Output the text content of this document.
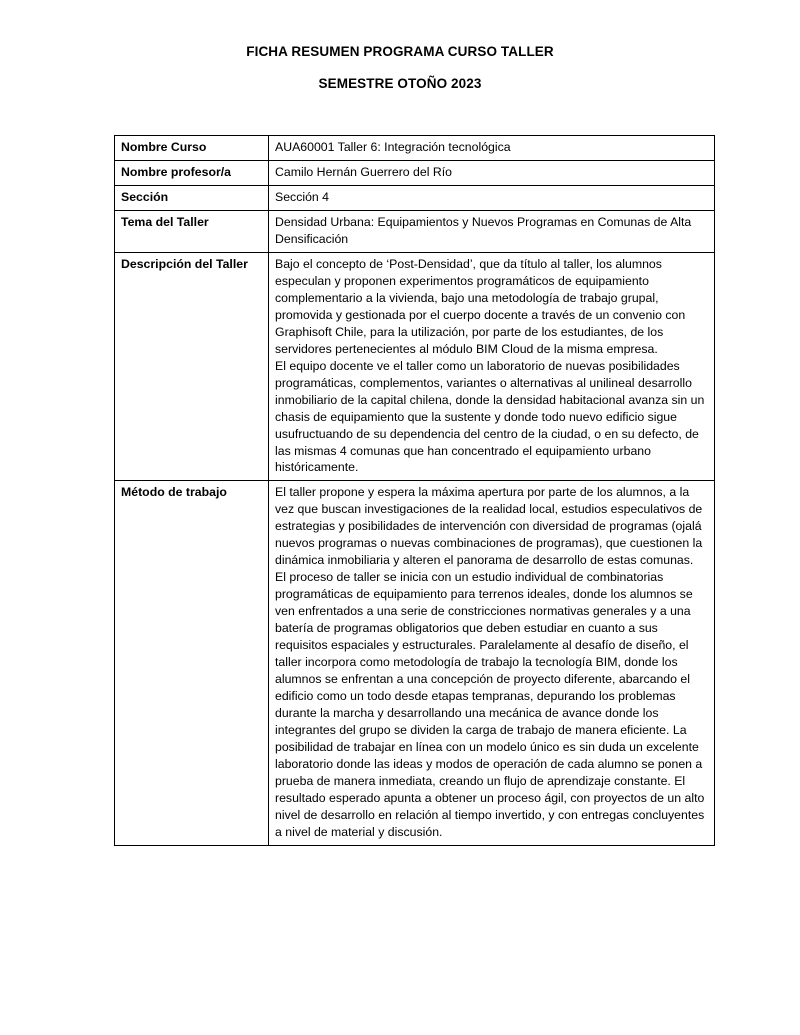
FICHA RESUMEN PROGRAMA CURSO TALLER
SEMESTRE OTOÑO 2023
Nombre Curso	AUA60001 Taller 6: Integración tecnológica

Nombre profesor/a	Camilo Hernán Guerrero del Río

Sección	Sección 4

Tema del Taller	Densidad Urbana: Equipamientos y Nuevos Programas en Comunas de Alta Densificación

Descripción del Taller	Bajo el concepto de ‘Post-Densidad’, que da título al taller, los alumnos especulan y proponen experimentos programáticos de equipamiento complementario a la vivienda, bajo una metodología de trabajo grupal, promovida y gestionada por el cuerpo docente a través de un convenio con Graphisoft Chile, para la utilización, por parte de los estudiantes, de los servidores pertenecientes al módulo BIM Cloud de la misma empresa.

El equipo docente ve el taller como un laboratorio de nuevas posibilidades programáticas, complementos, variantes o alternativas al unilineal desarrollo inmobiliario de la capital chilena, donde la densidad habitacional avanza sin un chasis de equipamiento que la sustente y donde todo nuevo edificio sigue usufructuando de su dependencia del centro de la ciudad, o en su defecto, de las mismas 4 comunas que han concentrado el equipamiento urbano históricamente.

Método de trabajo	El taller propone y espera la máxima apertura por parte de los alumnos, a la vez que buscan investigaciones de la realidad local, estudios especulativos de estrategias y posibilidades de intervención con diversidad de programas (ojalá nuevos programas o nuevas combinaciones de programas), que cuestionen la dinámica inmobiliaria y alteren el panorama de desarrollo de estas comunas.

El proceso de taller se inicia con un estudio individual de combinatorias programáticas de equipamiento para terrenos ideales, donde los alumnos se ven enfrentados a una serie de constricciones normativas generales y a una batería de programas obligatorios que deben estudiar en cuanto a sus requisitos espaciales y estructurales. Paralelamente al desafío de diseño, el taller incorpora como metodología de trabajo la tecnología BIM, donde los alumnos se enfrentan a una concepción de proyecto diferente, abarcando el edificio como un todo desde etapas tempranas, depurando los problemas durante la marcha y desarrollando una mecánica de avance donde los integrantes del grupo se dividen la carga de trabajo de manera eficiente. La posibilidad de trabajar en línea con un modelo único es sin duda un excelente laboratorio donde las ideas y modos de operación de cada alumno se ponen a prueba de manera inmediata, creando un flujo de aprendizaje constante. El resultado esperado apunta a obtener un proceso ágil, con proyectos de un alto nivel de desarrollo en relación al tiempo invertido, y con entregas concluyentes a nivel de material y discusión.
